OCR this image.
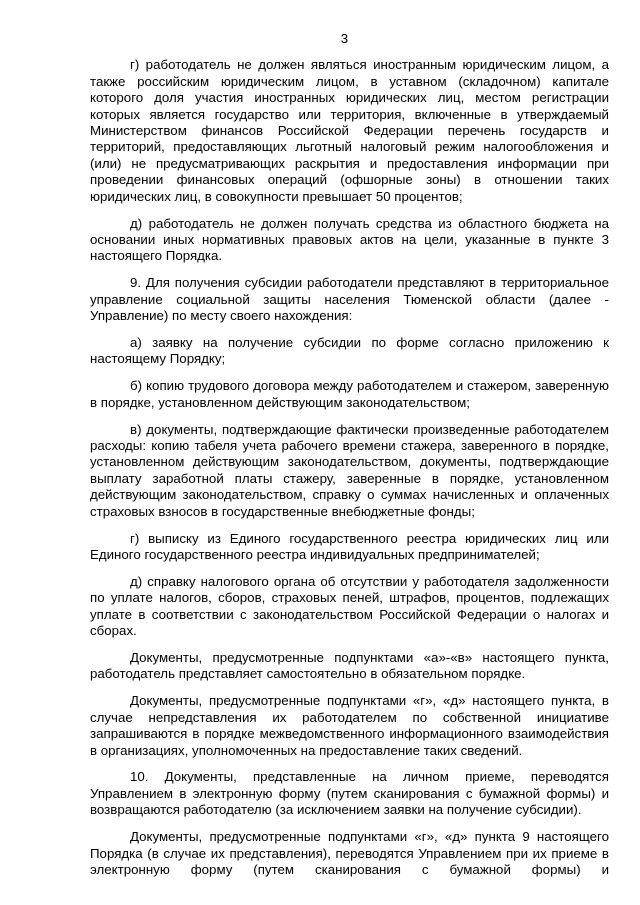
3

г) работодатель не должен являться иностранным юридическим лицом, а также российским юридическим лицом, в уставном (складочном) капитале которого доля участия иностранных юридических лиц, местом регистрации которых является государство или территория, включенные в утверждаемый Министерством финансов Российской Федерации перечень государств и территорий, предоставляющих льготный налоговый режим налогообложения и (или) не предусматривающих раскрытия и предоставления информации при проведении финансовых операций (офшорные зоны) в отношении таких юридических лиц, в совокупности превышает 50 процентов;

д) работодатель не должен получать средства из областного бюджета на основании иных нормативных правовых актов на цели, указанные в пункте 3 настоящего Порядка.

9. Для получения субсидии работодатели представляют в территориальное управление социальной защиты населения Тюменской области (далее - Управление) по месту своего нахождения:

а) заявку на получение субсидии по форме согласно приложению к настоящему Порядку;

б) копию трудового договора между работодателем и стажером, заверенную в порядке, установленном действующим законодательством;

в) документы, подтверждающие фактически произведенные работодателем расходы: копию табеля учета рабочего времени стажера, заверенного в порядке, установленном действующим законодательством, документы, подтверждающие выплату заработной платы стажеру, заверенные в порядке, установленном действующим законодательством, справку о суммах начисленных и оплаченных страховых взносов в государственные внебюджетные фонды;

г) выписку из Единого государственного реестра юридических лиц или Единого государственного реестра индивидуальных предпринимателей;

д) справку налогового органа об отсутствии у работодателя задолженности по уплате налогов, сборов, страховых пеней, штрафов, процентов, подлежащих уплате в соответствии с законодательством Российской Федерации о налогах и сборах.

Документы, предусмотренные подпунктами «а»-«в» настоящего пункта, работодатель представляет самостоятельно в обязательном порядке.

Документы, предусмотренные подпунктами «г», «д» настоящего пункта, в случае непредставления их работодателем по собственной инициативе запрашиваются в порядке межведомственного информационного взаимодействия в организациях, уполномоченных на предоставление таких сведений.

10. Документы, представленные на личном приеме, переводятся Управлением в электронную форму (путем сканирования с бумажной формы) и возвращаются работодателю (за исключением заявки на получение субсидии).

Документы, предусмотренные подпунктами «г», «д» пункта 9 настоящего Порядка (в случае их представления), переводятся Управлением при их приеме в электронную форму (путем сканирования с бумажной формы) и
